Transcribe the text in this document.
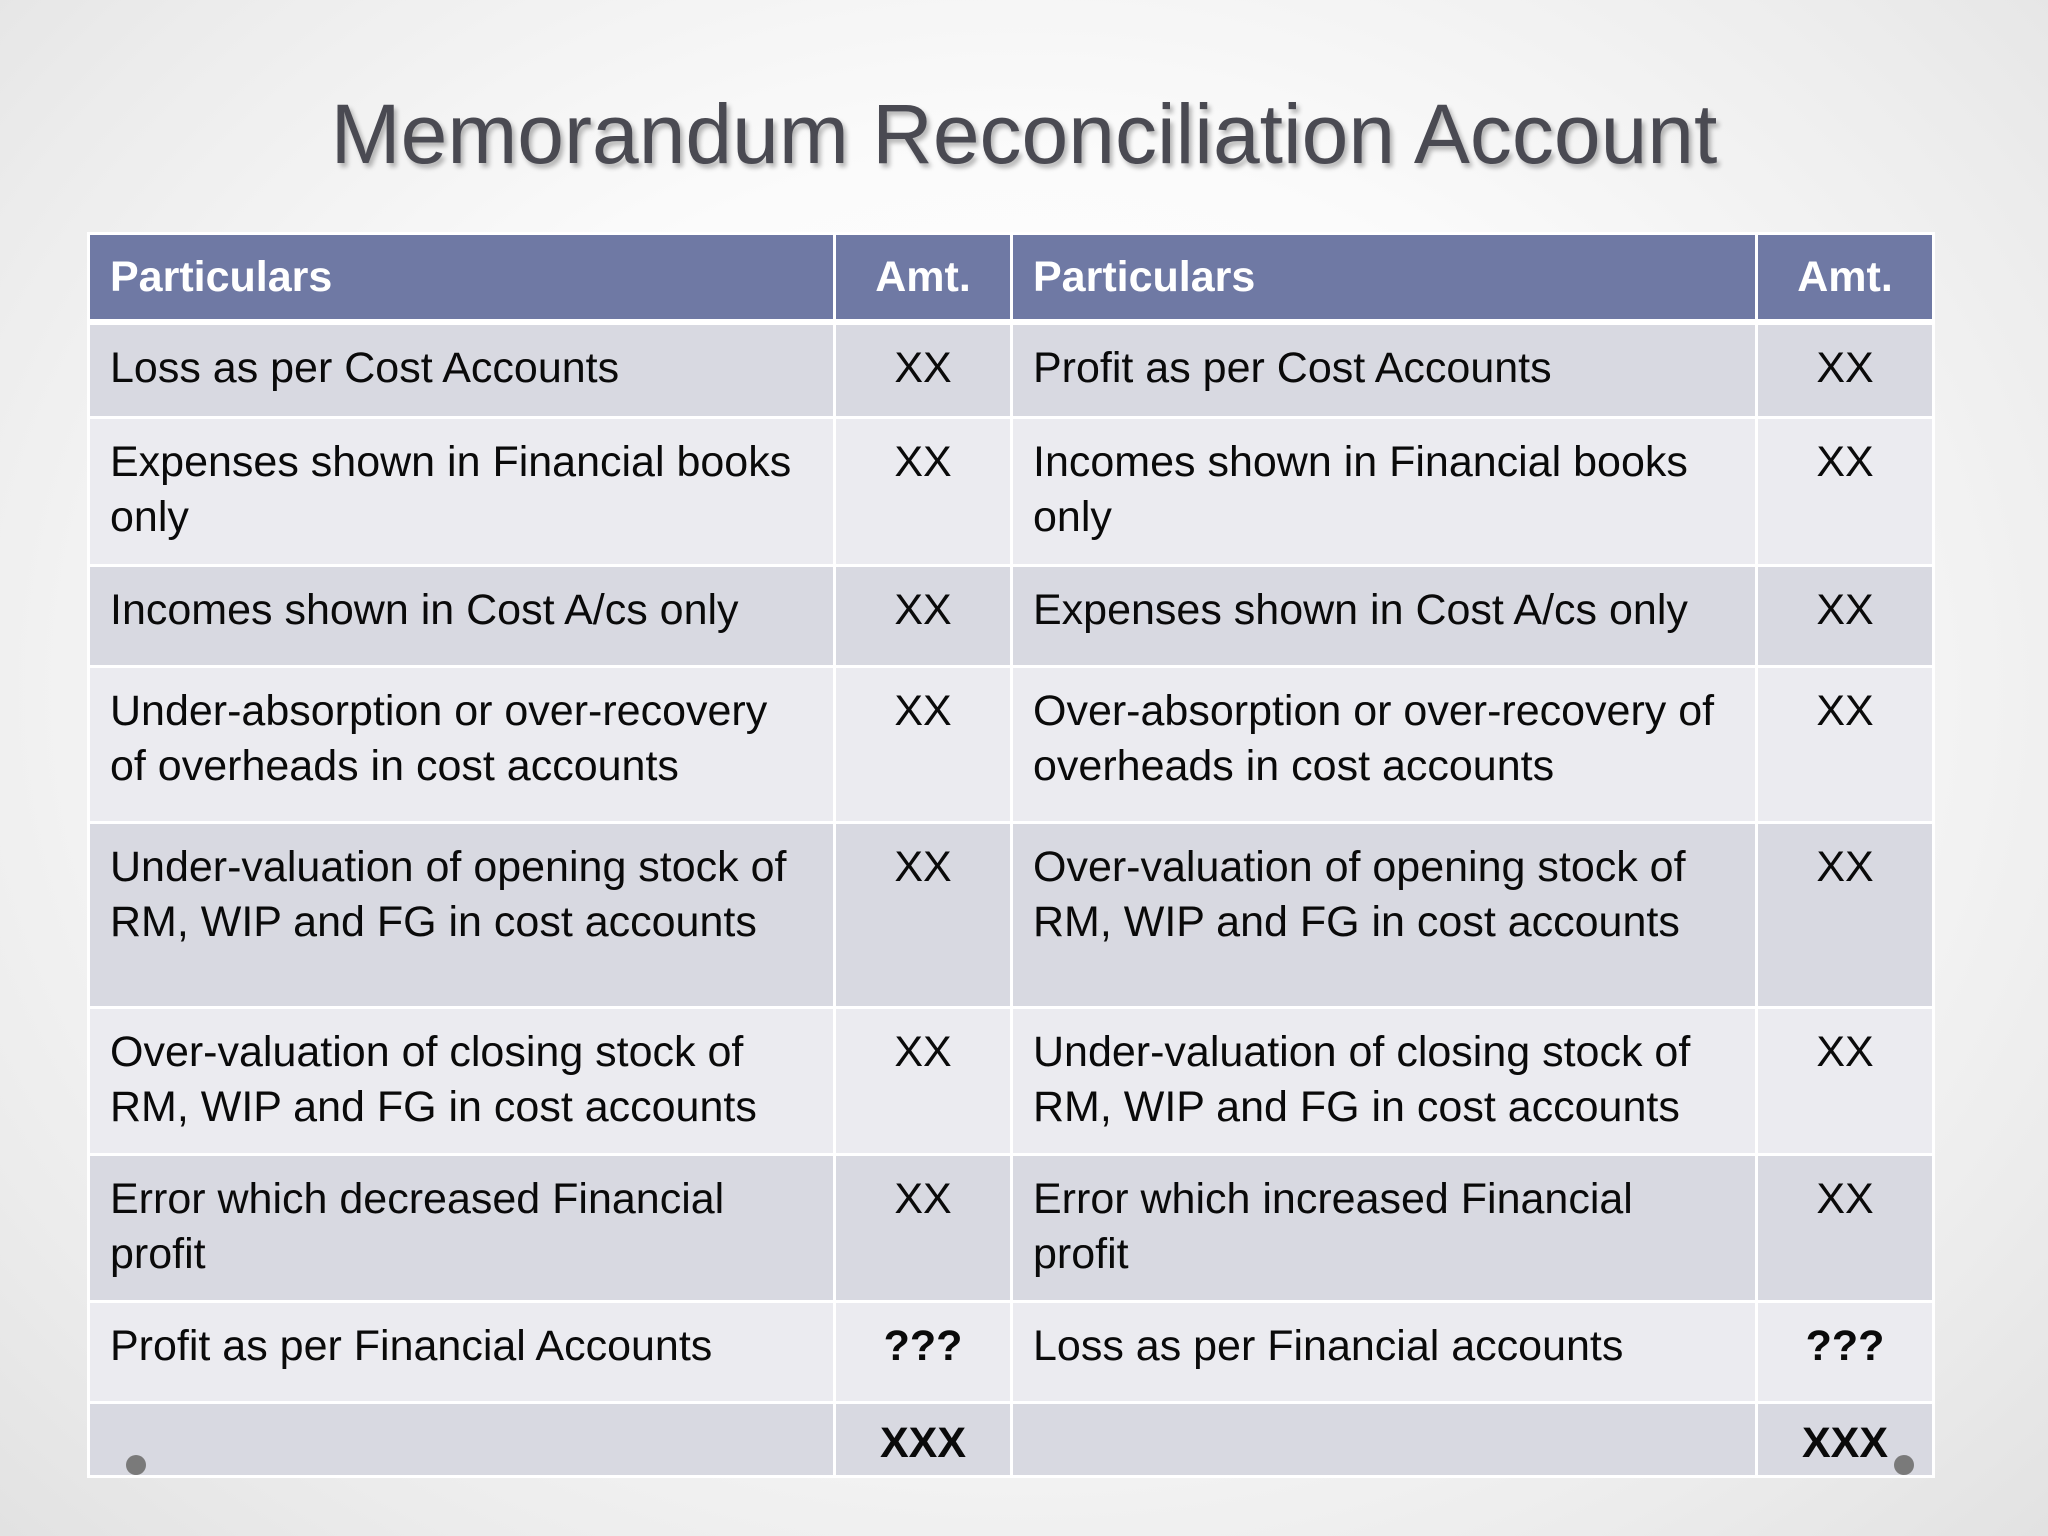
Memorandum Reconciliation Account
Particulars	Amt.	Particulars	Amt.
Loss as per Cost Accounts	XX	Profit as per Cost Accounts	XX
Expenses shown in Financial books only	XX	Incomes shown in Financial books only	XX
Incomes shown in Cost A/cs only	XX	Expenses shown in Cost A/cs only	XX
Under-absorption or over-recovery of overheads in cost accounts	XX	Over-absorption or over-recovery of overheads in cost accounts	XX
Under-valuation of opening stock of RM, WIP and FG in cost accounts	XX	Over-valuation of opening stock of RM, WIP and FG in cost accounts	XX
Over-valuation of closing stock of RM, WIP and FG in cost accounts	XX	Under-valuation of closing stock of RM, WIP and FG in cost accounts	XX
Error which decreased Financial profit	XX	Error which increased Financial profit	XX
Profit as per Financial Accounts	???	Loss as per Financial accounts	???
	XXX		XXX
